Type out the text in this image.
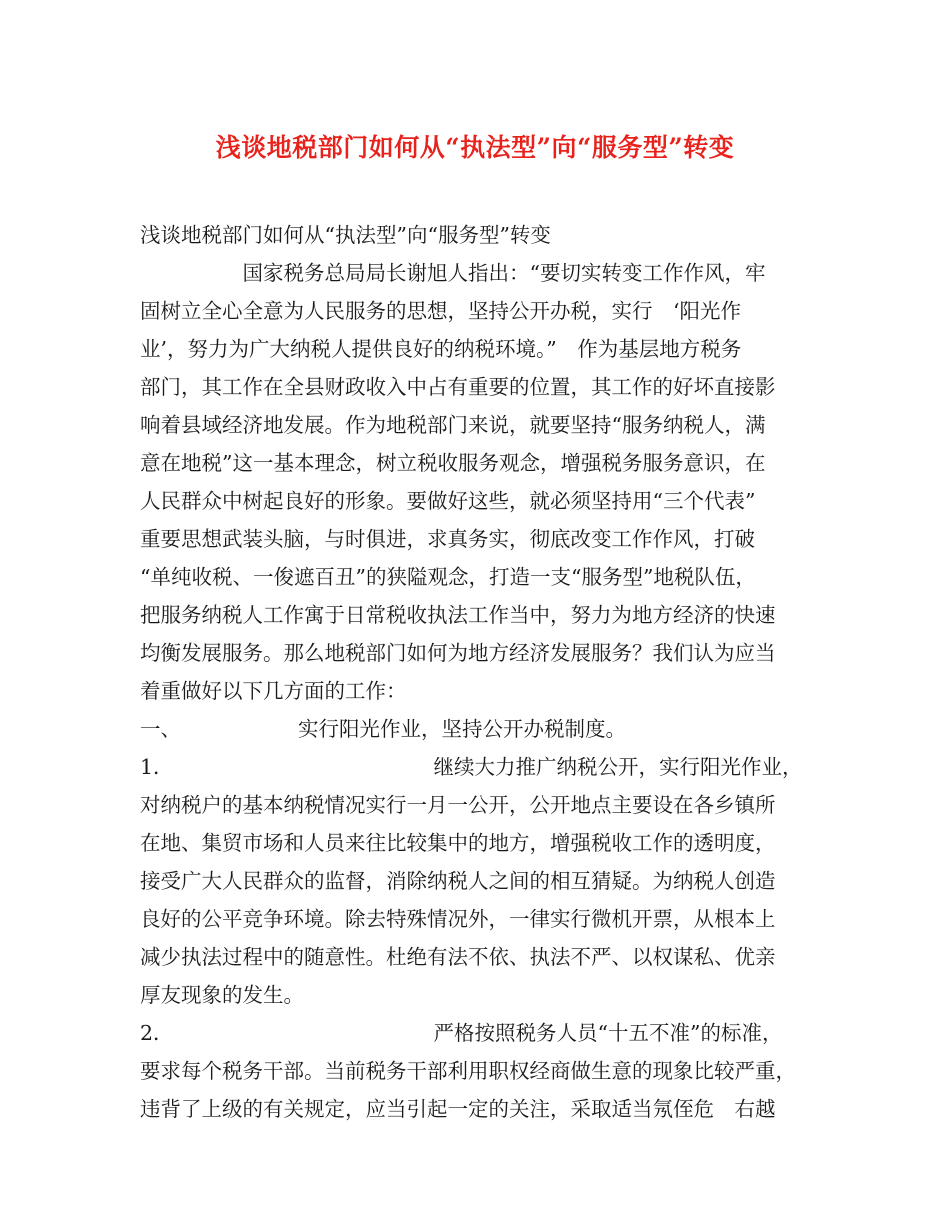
浅谈地税部门如何从“执法型”向“服务型”转变
浅谈地税部门如何从“执法型”向“服务型”转变
　　　　　国家税务总局局长谢旭人指出：“要切实转变工作作风，牢
固树立全心全意为人民服务的思想，坚持公开办税，实行　‘阳光作
业’，努力为广大纳税人提供良好的纳税环境。”　作为基层地方税务
部门，其工作在全县财政收入中占有重要的位置，其工作的好坏直接影
响着县域经济地发展。作为地税部门来说，就要坚持“服务纳税人，满
意在地税”这一基本理念，树立税收服务观念，增强税务服务意识，在
人民群众中树起良好的形象。要做好这些，就必须坚持用“三个代表”
重要思想武装头脑，与时俱进，求真务实，彻底改变工作作风，打破
“单纯收税、一俊遮百丑”的狭隘观念，打造一支“服务型”地税队伍，
把服务纳税人工作寓于日常税收执法工作当中，努力为地方经济的快速
均衡发展服务。那么地税部门如何为地方经济发展服务？我们认为应当
着重做好以下几方面的工作：
一、	实行阳光作业，坚持公开办税制度。
1．	继续大力推广纳税公开，实行阳光作业，
对纳税户的基本纳税情况实行一月一公开，公开地点主要设在各乡镇所
在地、集贸市场和人员来往比较集中的地方，增强税收工作的透明度，
接受广大人民群众的监督，消除纳税人之间的相互猜疑。为纳税人创造
良好的公平竞争环境。除去特殊情况外，一律实行微机开票，从根本上
减少执法过程中的随意性。杜绝有法不依、执法不严、以权谋私、优亲
厚友现象的发生。
2．	严格按照税务人员“十五不准”的标准，
要求每个税务干部。当前税务干部利用职权经商做生意的现象比较严重，
违背了上级的有关规定，应当引起一定的关注，采取适当氖侄危　右越
